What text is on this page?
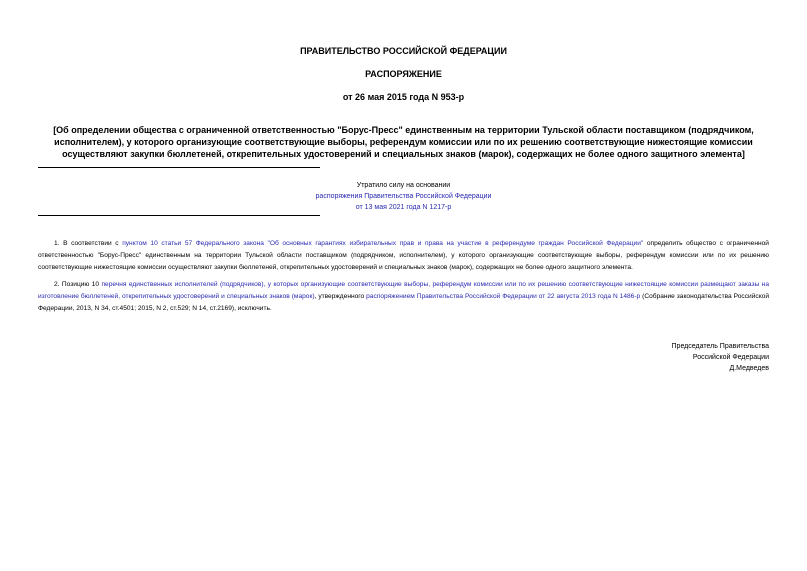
ПРАВИТЕЛЬСТВО РОССИЙСКОЙ ФЕДЕРАЦИИ
РАСПОРЯЖЕНИЕ
от 26 мая 2015 года N 953-р
[Об определении общества с ограниченной ответственностью "Борус-Пресс" единственным на территории Тульской области поставщиком (подрядчиком, исполнителем), у которого организующие соответствующие выборы, референдум комиссии или по их решению соответствующие нижестоящие комиссии осуществляют закупки бюллетеней, открепительных удостоверений и специальных знаков (марок), содержащих не более одного защитного элемента]
Утратило силу на основании
распоряжения Правительства Российской Федерации
от 13 мая 2021 года N 1217-р
1. В соответствии с пунктом 10 статьи 57 Федерального закона "Об основных гарантиях избирательных прав и права на участие в референдуме граждан Российской Федерации" определить общество с ограниченной ответственностью "Борус-Пресс" единственным на территории Тульской области поставщиком (подрядчиком, исполнителем), у которого организующие соответствующие выборы, референдум комиссии или по их решению соответствующие нижестоящие комиссии осуществляют закупки бюллетеней, открепительных удостоверений и специальных знаков (марок), содержащих не более одного защитного элемента.
2. Позицию 10 перечня единственных исполнителей (подрядчиков), у которых организующие соответствующие выборы, референдум комиссии или по их решению соответствующие нижестоящие комиссии размещают заказы на изготовление бюллетеней, открепительных удостоверений и специальных знаков (марок), утвержденного распоряжением Правительства Российской Федерации от 22 августа 2013 года N 1486-р (Собрание законодательства Российской Федерации, 2013, N 34, ст.4501; 2015, N 2, ст.529; N 14, ст.2169), исключить.
Председатель Правительства
Российской Федерации
Д.Медведев
